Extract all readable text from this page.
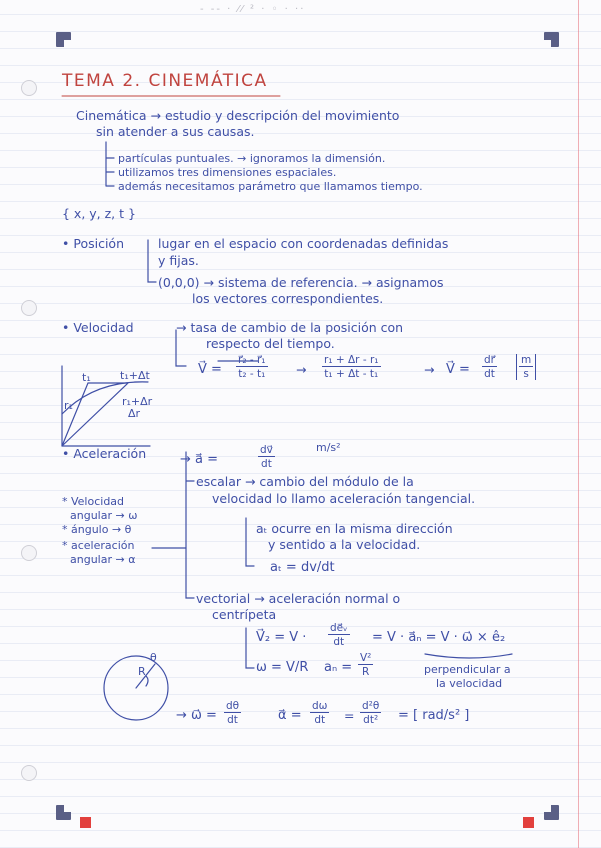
- -- · ⁄⁄ ² · ◦ · ··
TEMA 2. CINEMÁTICA
Cinemática → estudio y descripción del movimiento
sin atender a sus causas.
partículas puntuales. → ignoramos la dimensión.
utilizamos tres dimensiones espaciales.
además necesitamos parámetro que llamamos tiempo.
{ x, y, z, t }
• Posición	lugar en el espacio con coordenadas definidas
y fijas.
(0,0,0) → sistema de referencia. → asignamos
los vectores correspondientes.
• Velocidad	→ tasa de cambio de la posición con
respecto del tiempo.
V⃗ = $\frac{\text{r⃗₂ - r⃗₁}}{\text{t₂ - t₁}} \to \frac{\text{r₁ + Δr - r₁}}{\text{t₁ + Δt - t₁}}$	→ V⃗ = $\frac{dr⃗}{dt} \frac{m}{s}$
t₁	t₁+Δt
r₁	r₁+Δr
Δr
• Aceleración	→ a⃗ =	$\frac{dv⃗}{dt}$	m/s²
escalar → cambio del módulo de la
velocidad lo llamo aceleración tangencial.
aₜ ocurre en la misma dirección
y sentido a la velocidad.
aₜ = dv/dt
vectorial → aceleración normal o
centrípeta
V⃗₂ = $V \cdot \frac{\text{de⃗ᵥ}}{dt} = V$ · a⃗ₙ = V · ω⃗ × ê₂
ω = V/R $a_n = \frac{\text{V²}}{R}$	perpendicular a
la velocidad
→ ω⃗ = $\frac{d\theta}{dt}$	α⃗ = $\frac{d\omega}{dt} = \frac{\text{d²θ}}{\text{dt²}}$ = [ rad/s² ]
* Velocidad
angular → ω
* ángulo → θ
* aceleración
angular → α
R
θ
